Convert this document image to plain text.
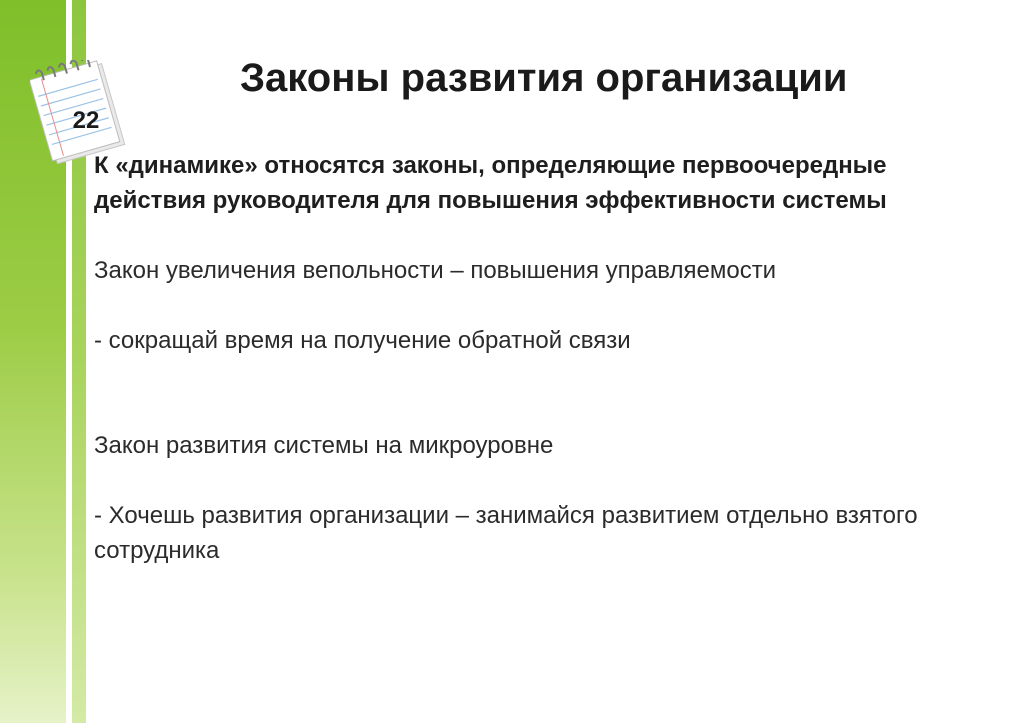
22
Законы развития организации

К «динамике» относятся законы, определяющие первоочередные действия руководителя для повышения эффективности системы

Закон увеличения вепольности – повышения управляемости

- сокращай время на получение обратной связи

Закон развития системы на микроуровне

- Хочешь развития организации – занимайся развитием отдельно взятого сотрудника
